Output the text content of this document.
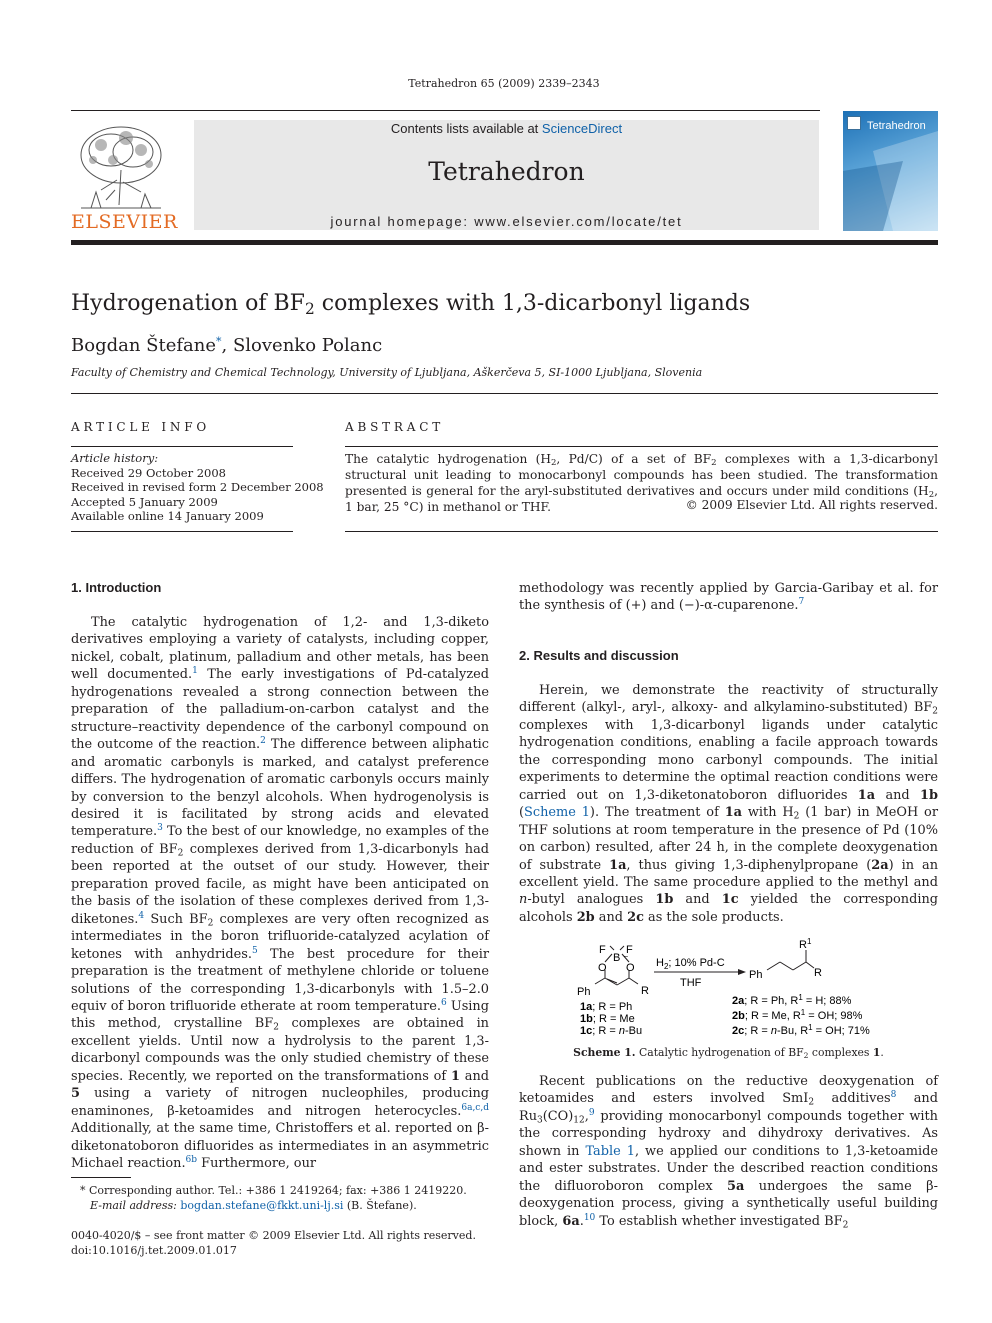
Tetrahedron 65 (2009) 2339–2343
ELSEVIER
Contents lists available at ScienceDirect
Tetrahedron
journal homepage: www.elsevier.com/locate/tet
Tetrahedron
Hydrogenation of $BF_2$ complexes with 1,3-dicarbonyl ligands
Bogdan Štefane*, Slovenko Polanc
Faculty of Chemistry and Chemical Technology, University of Ljubljana, Aškerčeva 5, SI-1000 Ljubljana, Slovenia
ARTICLE INFO	ABSTRACT
Article history:
Received 29 October 2008
Received in revised form 2 December 2008
Accepted 5 January 2009
Available online 14 January 2009
The catalytic hydrogenation ($H_2$, Pd/C) of a set of $BF_2$ complexes with a 1,3-dicarbonyl structural unit leading to monocarbonyl compounds has been studied. The transformation presented is general for the aryl-substituted derivatives and occurs under mild conditions ($H_2$, 1 bar, 25 °C) in methanol or THF.	© 2009 Elsevier Ltd. All rights reserved.
1. Introduction
The catalytic hydrogenation of 1,2- and 1,3-diketo derivatives employing a variety of catalysts, including copper, nickel, cobalt, platinum, palladium and other metals, has been well documented.$^1$ The early investigations of Pd-catalyzed hydrogenations revealed a strong connection between the preparation of the palladium-on-carbon catalyst and the structure–reactivity dependence of the carbonyl compound on the outcome of the reaction.$^2$ The difference between aliphatic and aromatic carbonyls is marked, and catalyst preference differs. The hydrogenation of aromatic carbonyls occurs mainly by conversion to the benzyl alcohols. When hydrogenolysis is desired it is facilitated by strong acids and elevated temperature.$^3$ To the best of our knowledge, no examples of the reduction of $BF_2$ complexes derived from 1,3-dicarbonyls had been reported at the outset of our study. However, their preparation proved facile, as might have been anticipated on the basis of the isolation of these complexes derived from 1,3-diketones.$^4$ Such $BF_2$ complexes are very often recognized as intermediates in the boron trifluoride-catalyzed acylation of ketones with anhydrides.$^5$ The best procedure for their preparation is the treatment of methylene chloride or toluene solutions of the corresponding 1,3-dicarbonyls with 1.5–2.0 equiv of boron trifluoride etherate at room temperature.$^6$ Using this method, crystalline $BF_2$ complexes are obtained in excellent yields. Until now a hydrolysis to the parent 1,3-dicarbonyl compounds was the only studied chemistry of these species. Recently, we reported on the transformations of 1 and 5 using a variety of nitrogen nucleophiles, producing enaminones, β-ketoamides and nitrogen heterocycles.$^{6a,c,d}$ Additionally, at the same time, Christoffers et al. reported on β-diketonatoboron difluorides as intermediates in an asymmetric Michael reaction.$^{6b}$ Furthermore, our
methodology was recently applied by Garcia-Garibay et al. for the synthesis of (+) and (−)-α-cuparenone.$^7$
2. Results and discussion
Herein, we demonstrate the reactivity of structurally different (alkyl-, aryl-, alkoxy- and alkylamino-substituted) $BF_2$ complexes with 1,3-dicarbonyl ligands under catalytic hydrogenation conditions, enabling a facile approach towards the corresponding mono carbonyl compounds. The initial experiments to determine the optimal reaction conditions were carried out on 1,3-diketonatoboron difluorides 1a and 1b (Scheme 1). The treatment of 1a with $H_2$ (1 bar) in MeOH or THF solutions at room temperature in the presence of Pd (10% on carbon) resulted, after 24 h, in the complete deoxygenation of substrate 1a, thus giving 1,3-diphenylpropane (2a) in an excellent yield. The same procedure applied to the methyl and n-butyl analogues 1b and 1c yielded the corresponding alcohols 2b and 2c as the sole products.
F F
B –
O O
Ph	R
$H_2$; 10% Pd-C
THF
Ph	R
$R^1$
1a; R = Ph
1b; R = Me
1c; R = n-Bu
2a; R = Ph, $R^1 = H$; 88%
2b; R = Me, $R^1$ = OH; 98%
2c; R = n-Bu, $R^1$ = OH; 71%
Scheme 1. Catalytic hydrogenation of $BF_2$ complexes 1.
Recent publications on the reductive deoxygenation of ketoamides and esters involved SmI$_2$ additives$^8$ and $Ru_3(CO)_{12},^9$ providing monocarbonyl compounds together with the corresponding hydroxy and dihydroxy derivatives. As shown in Table 1, we applied our conditions to 1,3-ketoamide and ester substrates. Under the described reaction conditions the difluoroboron complex 5a undergoes the same β-deoxygenation process, giving a synthetically useful building block, 6a.$^{10}$ To establish whether investigated $BF_2$
* Corresponding author. Tel.: +386 1 2419264; fax: +386 1 2419220.
E-mail address: bogdan.stefane@fkkt.uni-lj.si (B. Štefane).
0040-4020/$ – see front matter © 2009 Elsevier Ltd. All rights reserved.
doi:10.1016/j.tet.2009.01.017
